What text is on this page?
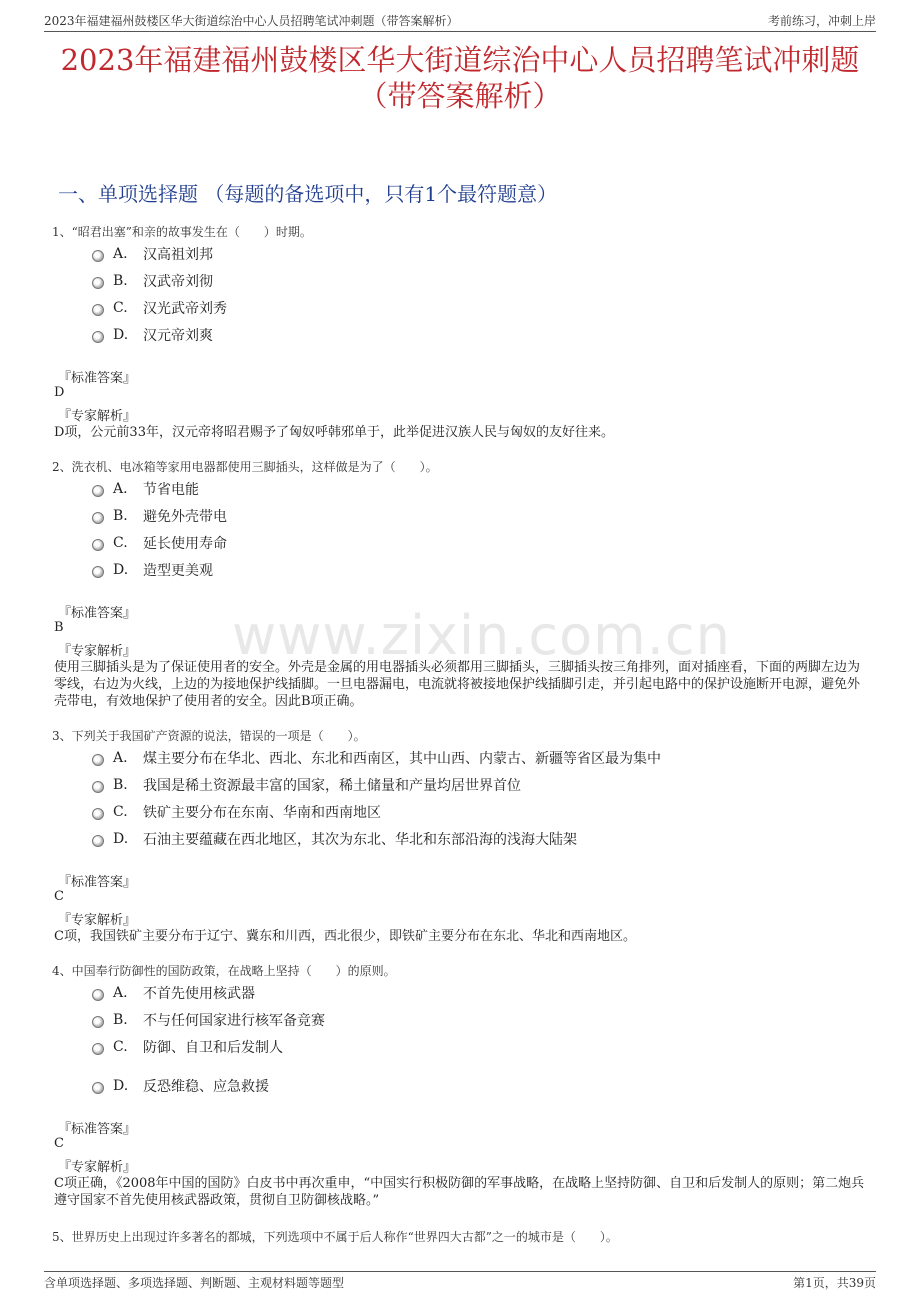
2023年福建福州鼓楼区华大街道综治中心人员招聘笔试冲刺题（带答案解析）	考前练习，冲刺上岸
2023年福建福州鼓楼区华大街道综治中心人员招聘笔试冲刺题
（带答案解析）
一、单项选择题 （每题的备选项中，只有1个最符题意）
www.zixin.com.cn
1、“昭君出塞”和亲的故事发生在（　　）时期。
A.	汉高祖刘邦
B.	汉武帝刘彻
C.	汉光武帝刘秀
D.	汉元帝刘爽
『标准答案』
D
『专家解析』
D项，公元前33年，汉元帝将昭君赐予了匈奴呼韩邪单于，此举促进汉族人民与匈奴的友好往来。
2、洗衣机、电冰箱等家用电器都使用三脚插头，这样做是为了（　　）。
A.	节省电能
B.	避免外壳带电
C.	延长使用寿命
D.	造型更美观
『标准答案』
B
『专家解析』
使用三脚插头是为了保证使用者的安全。外壳是金属的用电器插头必须都用三脚插头，三脚插头按三角排列，面对插座看，下面的两脚左边为零线，右边为火线，上边的为接地保护线插脚。一旦电器漏电，电流就将被接地保护线插脚引走，并引起电路中的保护设施断开电源，避免外壳带电，有效地保护了使用者的安全。因此B项正确。
3、下列关于我国矿产资源的说法，错误的一项是（　　）。
A.	煤主要分布在华北、西北、东北和西南区，其中山西、内蒙古、新疆等省区最为集中
B.	我国是稀土资源最丰富的国家，稀土储量和产量均居世界首位
C.	铁矿主要分布在东南、华南和西南地区
D.	石油主要蕴藏在西北地区，其次为东北、华北和东部沿海的浅海大陆架
『标准答案』
C
『专家解析』
C项，我国铁矿主要分布于辽宁、冀东和川西，西北很少，即铁矿主要分布在东北、华北和西南地区。
4、中国奉行防御性的国防政策，在战略上坚持（　　）的原则。
A.	不首先使用核武器
B.	不与任何国家进行核军备竞赛
C.	防御、自卫和后发制人
D.	反恐维稳、应急救援
『标准答案』
C
『专家解析』
C项正确，《2008年中国的国防》白皮书中再次重申，“中国实行积极防御的军事战略，在战略上坚持防御、自卫和后发制人的原则；第二炮兵遵守国家不首先使用核武器政策，贯彻自卫防御核战略。”
5、世界历史上出现过许多著名的都城，下列选项中不属于后人称作“世界四大古都”之一的城市是（　　）。
含单项选择题、多项选择题、判断题、主观材料题等题型	第1页，共39页
